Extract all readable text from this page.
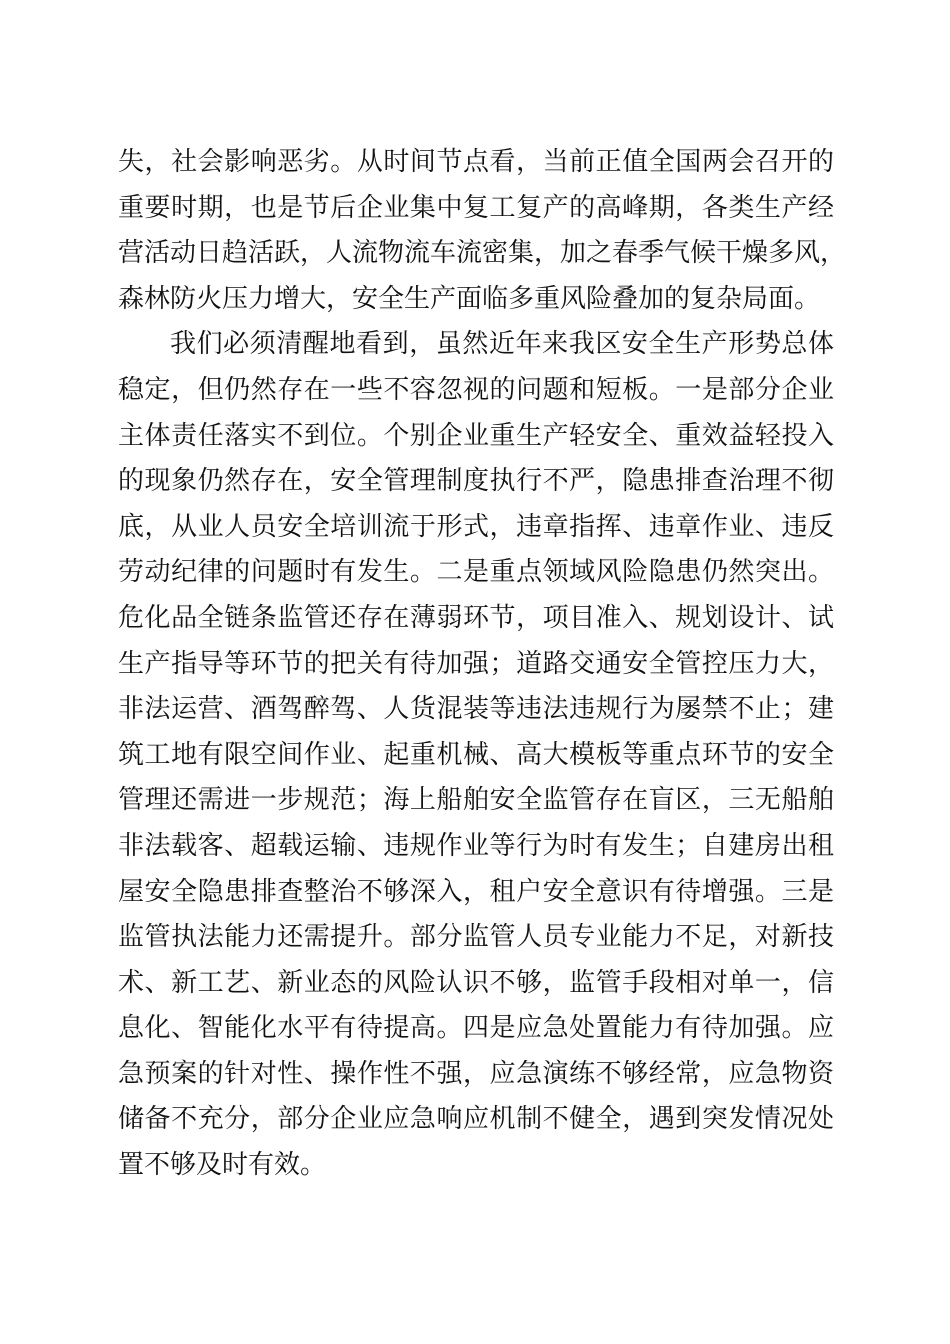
失，社会影响恶劣。从时间节点看，当前正值全国两会召开的
重要时期，也是节后企业集中复工复产的高峰期，各类生产经
营活动日趋活跃，人流物流车流密集，加之春季气候干燥多风，
森林防火压力增大，安全生产面临多重风险叠加的复杂局面。
我们必须清醒地看到，虽然近年来我区安全生产形势总体
稳定，但仍然存在一些不容忽视的问题和短板。一是部分企业
主体责任落实不到位。个别企业重生产轻安全、重效益轻投入
的现象仍然存在，安全管理制度执行不严，隐患排查治理不彻
底，从业人员安全培训流于形式，违章指挥、违章作业、违反
劳动纪律的问题时有发生。二是重点领域风险隐患仍然突出。
危化品全链条监管还存在薄弱环节，项目准入、规划设计、试
生产指导等环节的把关有待加强；道路交通安全管控压力大，
非法运营、酒驾醉驾、人货混装等违法违规行为屡禁不止；建
筑工地有限空间作业、起重机械、高大模板等重点环节的安全
管理还需进一步规范；海上船舶安全监管存在盲区，三无船舶
非法载客、超载运输、违规作业等行为时有发生；自建房出租
屋安全隐患排查整治不够深入，租户安全意识有待增强。三是
监管执法能力还需提升。部分监管人员专业能力不足，对新技
术、新工艺、新业态的风险认识不够，监管手段相对单一，信
息化、智能化水平有待提高。四是应急处置能力有待加强。应
急预案的针对性、操作性不强，应急演练不够经常，应急物资
储备不充分，部分企业应急响应机制不健全，遇到突发情况处
置不够及时有效。
